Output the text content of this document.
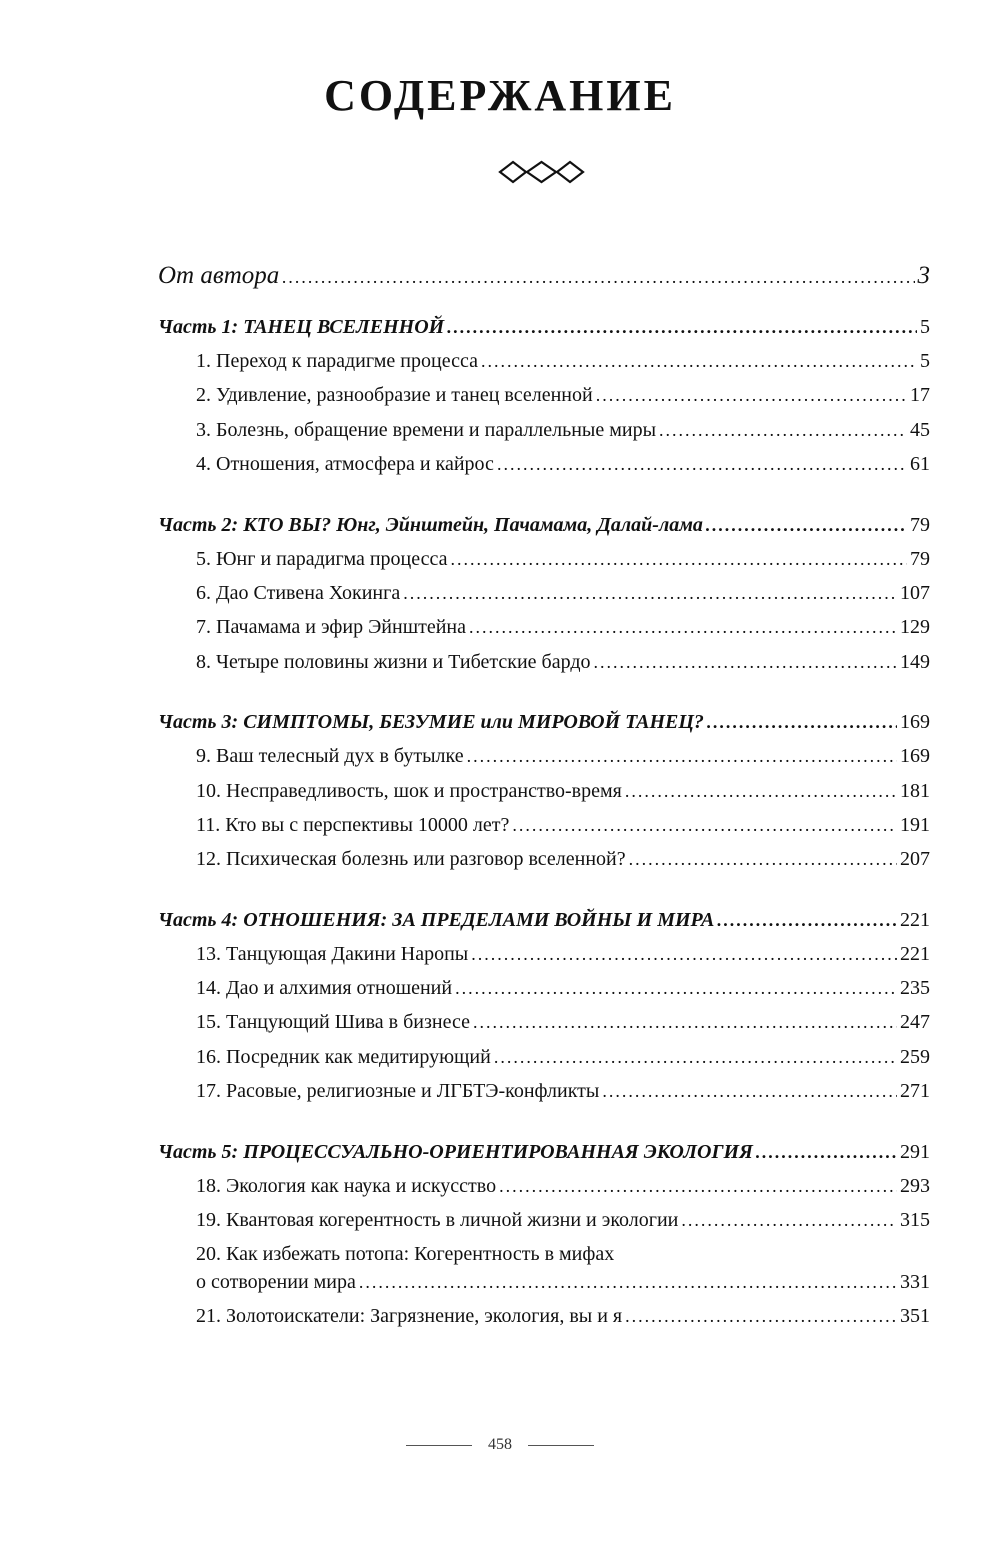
СОДЕРЖАНИЕ
От автора .....	3
Часть 1: ТАНЕЦ ВСЕЛЕННОЙ .....	5
1. Переход к парадигме процесса .....	5
2. Удивление, разнообразие и танец вселенной .....	17
3. Болезнь, обращение времени и параллельные миры .....	45
4. Отношения, атмосфера и кайрос .....	61
Часть 2: КТО ВЫ? Юнг, Эйнштейн, Пачамама, Далай-лама .....	79
5. Юнг и парадигма процесса .....	79
6. Дао Стивена Хокинга .....	107
7. Пачамама и эфир Эйнштейна .....	129
8. Четыре половины жизни и Тибетские бардо .....	149
Часть 3: СИМПТОМЫ, БЕЗУМИЕ или МИРОВОЙ ТАНЕЦ? .....	169
9. Ваш телесный дух в бутылке .....	169
10. Несправедливость, шок и пространство-время .....	181
11. Кто вы с перспективы 10000 лет? .....	191
12. Психическая болезнь или разговор вселенной? .....	207
Часть 4: ОТНОШЕНИЯ: ЗА ПРЕДЕЛАМИ ВОЙНЫ И МИРА .....	221
13. Танцующая Дакини Наропы .....	221
14. Дао и алхимия отношений .....	235
15. Танцующий Шива в бизнесе .....	247
16. Посредник как медитирующий .....	259
17. Расовые, религиозные и ЛГБТЭ-конфликты .....	271
Часть 5: ПРОЦЕССУАЛЬНО-ОРИЕНТИРОВАННАЯ ЭКОЛОГИЯ .....	291
18. Экология как наука и искусство .....	293
19. Квантовая когерентность в личной жизни и экологии .....	315
20. Как избежать потопа: Когерентность в мифах
о сотворении мира .....	331
21. Золотоискатели: Загрязнение, экология, вы и я .....	351
458
